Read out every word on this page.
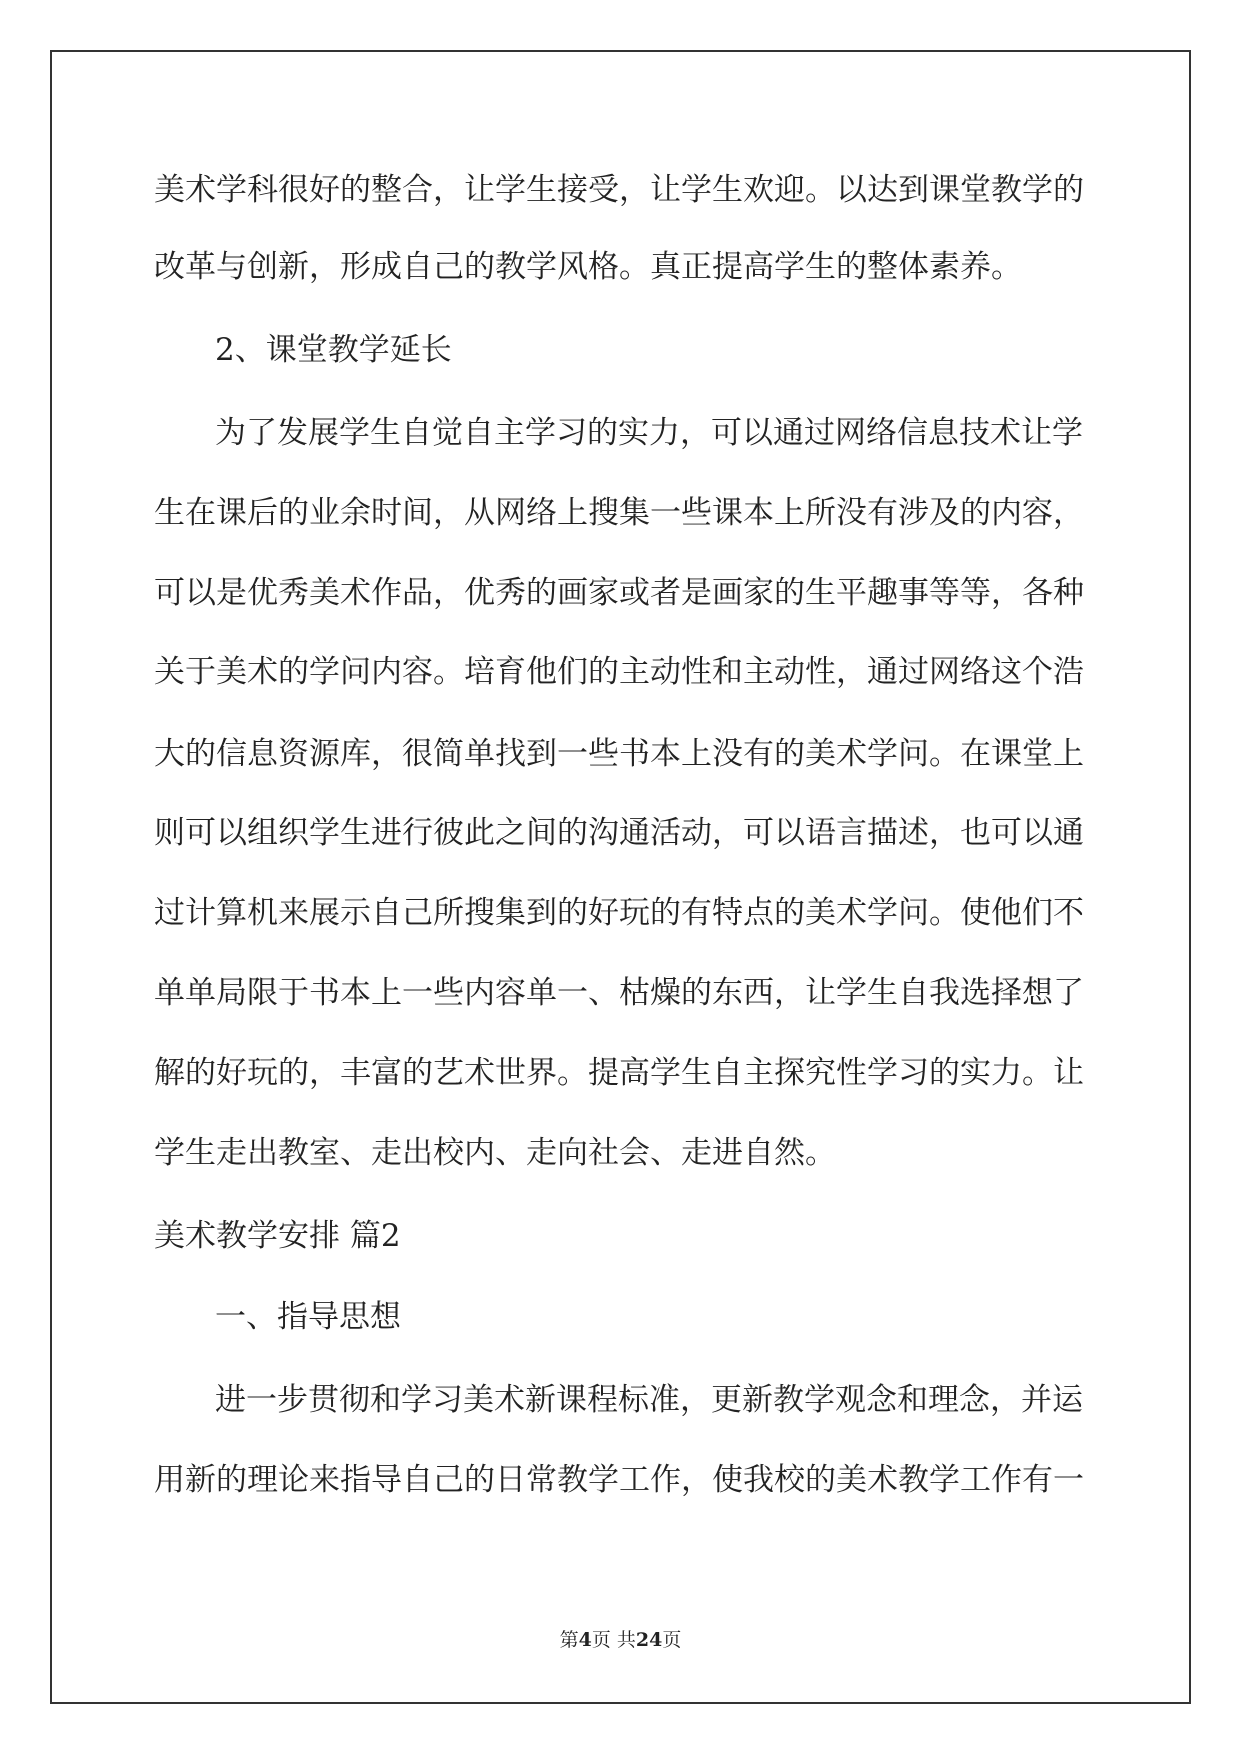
美术学科很好的整合，让学生接受，让学生欢迎。以达到课堂教学的
改革与创新，形成自己的教学风格。真正提高学生的整体素养。
2、课堂教学延长
为了发展学生自觉自主学习的实力，可以通过网络信息技术让学
生在课后的业余时间，从网络上搜集一些课本上所没有涉及的内容，
可以是优秀美术作品，优秀的画家或者是画家的生平趣事等等，各种
关于美术的学问内容。培育他们的主动性和主动性，通过网络这个浩
大的信息资源库，很简单找到一些书本上没有的美术学问。在课堂上
则可以组织学生进行彼此之间的沟通活动，可以语言描述，也可以通
过计算机来展示自己所搜集到的好玩的有特点的美术学问。使他们不
单单局限于书本上一些内容单一、枯燥的东西，让学生自我选择想了
解的好玩的，丰富的艺术世界。提高学生自主探究性学习的实力。让
学生走出教室、走出校内、走向社会、走进自然。
美术教学安排 篇2
一、指导思想
进一步贯彻和学习美术新课程标准，更新教学观念和理念，并运
用新的理论来指导自己的日常教学工作，使我校的美术教学工作有一
第4页 共24页
